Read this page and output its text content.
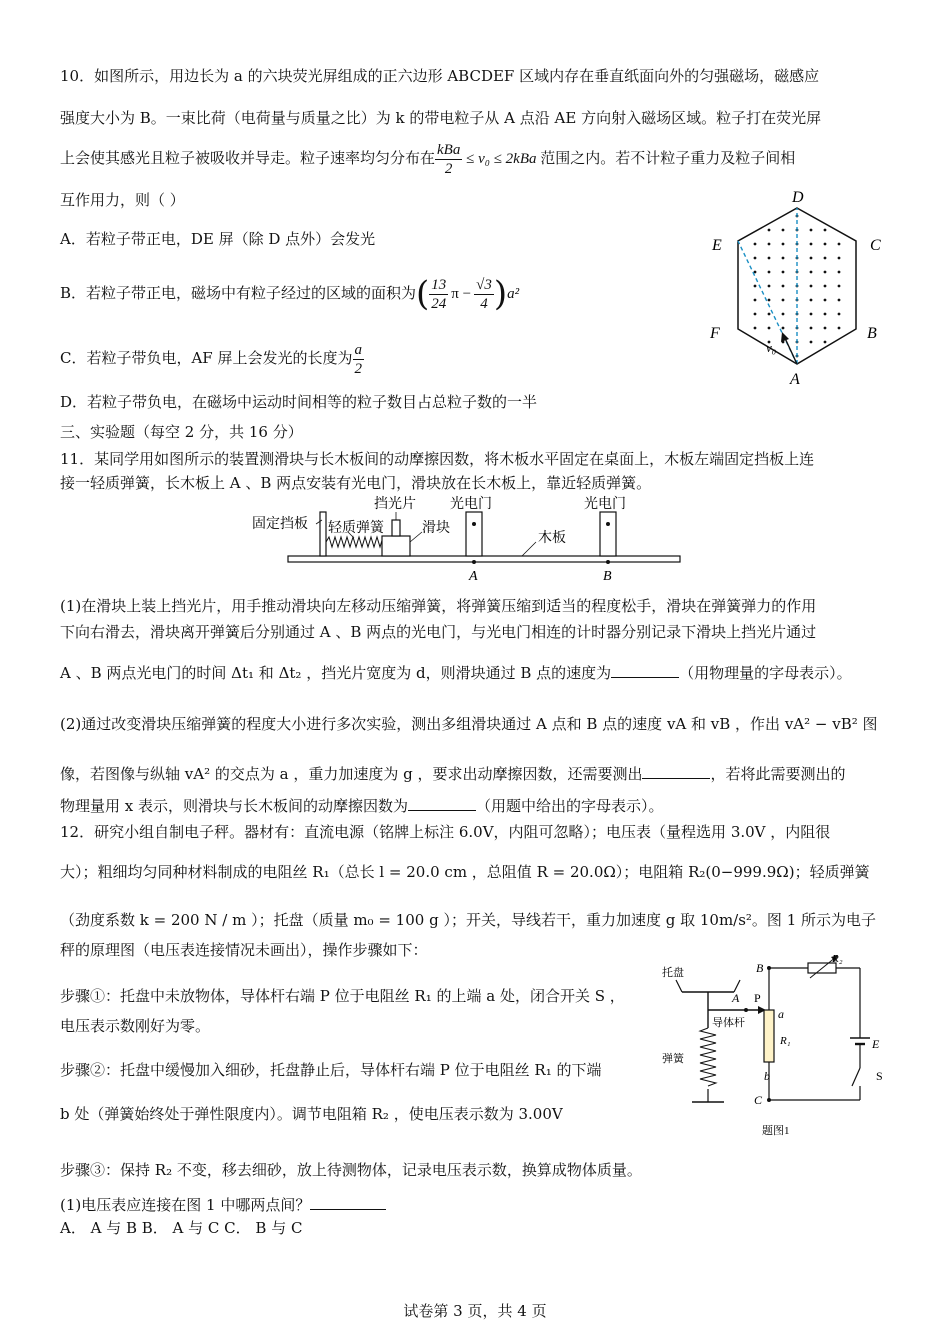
10．如图所示，用边长为 a 的六块荧光屏组成的正六边形 ABCDEF 区域内存在垂直纸面向外的匀强磁场，磁感应
强度大小为 B。一束比荷（电荷量与质量之比）为 k 的带电粒子从 A 点沿 AE 方向射入磁场区域。粒子打在荧光屏
上会使其感光且粒子被吸收并导走。粒子速率均匀分布在 $\frac{\text{kBa}}{2} \le v_0 \le 2kBa$ 范围之内。若不计粒子重力及粒子间相
互作用力，则（ ）
A．若粒子带正电，DE 屏（除 D 点外）会发光
B．若粒子带正电，磁场中有粒子经过的区域的面积为( $\frac{13}{24}$ $\pi - \frac{√3}{4} )a^2$
C．若粒子带负电，AF 屏上会发光的长度为 $\frac{a}{2}$
D．若粒子带负电，在磁场中运动时间相等的粒子数目占总粒子数的一半
D
C
E
F	B
A
v₀
三、实验题（每空 2 分，共 16 分）
11．某同学用如图所示的装置测滑块与长木板间的动摩擦因数，将木板水平固定在桌面上，木板左端固定挡板上连
接一轻质弹簧，长木板上 A 、B 两点安装有光电门，滑块放在长木板上，靠近轻质弹簧。
固定挡板 轻质弹簧
挡光片
滑块
光电门	光电门
木板
A	B
(1)在滑块上装上挡光片，用手推动滑块向左移动压缩弹簧，将弹簧压缩到适当的程度松手，滑块在弹簧弹力的作用
下向右滑去，滑块离开弹簧后分别通过 A 、B 两点的光电门，与光电门相连的计时器分别记录下滑块上挡光片通过
A 、B 两点光电门的时间 Δt₁ 和 Δt₂ ，挡光片宽度为 d，则滑块通过 B 点的速度为	（用物理量的字母表示）。
(2)通过改变滑块压缩弹簧的程度大小进行多次实验，测出多组滑块通过 A 点和 B 点的速度 vA 和 vB ，作出 vA² − vB² 图
像，若图像与纵轴 vA² 的交点为 a ，重力加速度为 g ，要求出动摩擦因数，还需要测出	，若将此需要测出的
物理量用 x 表示，则滑块与长木板间的动摩擦因数为	（用题中给出的字母表示）。
12．研究小组自制电子秤。器材有：直流电源（铭牌上标注 6.0V，内阻可忽略）；电压表（量程选用 3.0V ，内阻很
大）；粗细均匀同种材料制成的电阻丝 R₁（总长 l = 20.0 cm ，总阻值 R = 20.0Ω）；电阻箱 R₂(0−999.9Ω)；轻质弹簧
（劲度系数 k = 200 N / m ）；托盘（质量 m₀ = 100 g ）；开关，导线若干，重力加速度 g 取 10m/s²。图 1 所示为电子
秤的原理图（电压表连接情况未画出），操作步骤如下：
步骤①：托盘中未放物体，导体杆右端 P 位于电阻丝 R₁ 的上端 a 处，闭合开关 S ，
电压表示数刚好为零。
步骤②：托盘中缓慢加入细砂，托盘静止后，导体杆右端 P 位于电阻丝 R₁ 的下端
b 处（弹簧始终处于弹性限度内）。调节电阻箱 R₂ ，使电压表示数为 3.00V
步骤③：保持 R₂ 不变，移去细砂，放上待测物体，记录电压表示数，换算成物体质量。
(1)电压表应连接在图 1 中哪两点间？
A． A 与 B B． A 与 C C． B 与 C
托盘
A P
a
导体杆
R₁
弹簧
b
B
C
R₂
E
S
题图1
试卷第 3 页，共 4 页
